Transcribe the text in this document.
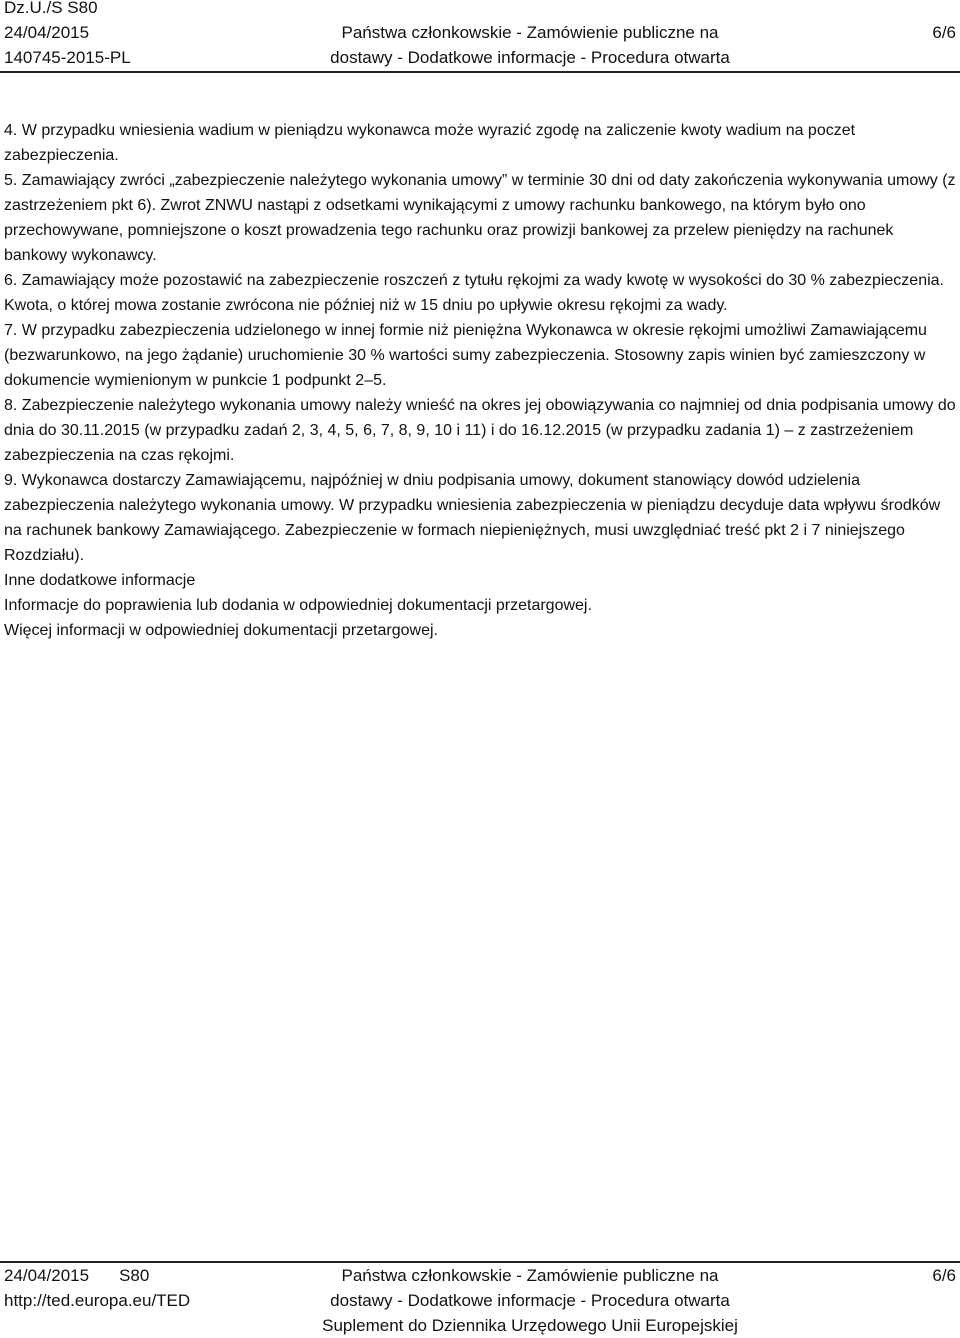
Dz.U./S S80
24/04/2015
140745-2015-PL
Państwa członkowskie - Zamówienie publiczne na
dostawy - Dodatkowe informacje - Procedura otwarta
6/6

4. W przypadku wniesienia wadium w pieniądzu wykonawca może wyrazić zgodę na zaliczenie kwoty wadium na poczet zabezpieczenia.

5. Zamawiający zwróci „zabezpieczenie należytego wykonania umowy” w terminie 30 dni od daty zakończenia wykonywania umowy (z zastrzeżeniem pkt 6). Zwrot ZNWU nastąpi z odsetkami wynikającymi z umowy rachunku bankowego, na którym było ono przechowywane, pomniejszone o koszt prowadzenia tego rachunku oraz prowizji bankowej za przelew pieniędzy na rachunek bankowy wykonawcy.

6. Zamawiający może pozostawić na zabezpieczenie roszczeń z tytułu rękojmi za wady kwotę w wysokości do 30 % zabezpieczenia. Kwota, o której mowa zostanie zwrócona nie później niż w 15 dniu po upływie okresu rękojmi za wady.

7. W przypadku zabezpieczenia udzielonego w innej formie niż pieniężna Wykonawca w okresie rękojmi umożliwi Zamawiającemu (bezwarunkowo, na jego żądanie) uruchomienie 30 % wartości sumy zabezpieczenia. Stosowny zapis winien być zamieszczony w dokumencie wymienionym w punkcie 1 podpunkt 2–5.

8. Zabezpieczenie należytego wykonania umowy należy wnieść na okres jej obowiązywania co najmniej od dnia podpisania umowy do dnia do 30.11.2015 (w przypadku zadań 2, 3, 4, 5, 6, 7, 8, 9, 10 i 11) i do 16.12.2015 (w przypadku zadania 1) – z zastrzeżeniem zabezpieczenia na czas rękojmi.

9. Wykonawca dostarczy Zamawiającemu, najpóźniej w dniu podpisania umowy, dokument stanowiący dowód udzielenia zabezpieczenia należytego wykonania umowy. W przypadku wniesienia zabezpieczenia w pieniądzu decyduje data wpływu środków na rachunek bankowy Zamawiającego. Zabezpieczenie w formach niepieniężnych, musi uwzględniać treść pkt 2 i 7 niniejszego Rozdziału).

Inne dodatkowe informacje

Informacje do poprawienia lub dodania w odpowiedniej dokumentacji przetargowej.

Więcej informacji w odpowiedniej dokumentacji przetargowej.

24/04/2015 S80
http://ted.europa.eu/TED
Państwa członkowskie - Zamówienie publiczne na
dostawy - Dodatkowe informacje - Procedura otwarta
Suplement do Dziennika Urzędowego Unii Europejskiej
6/6
